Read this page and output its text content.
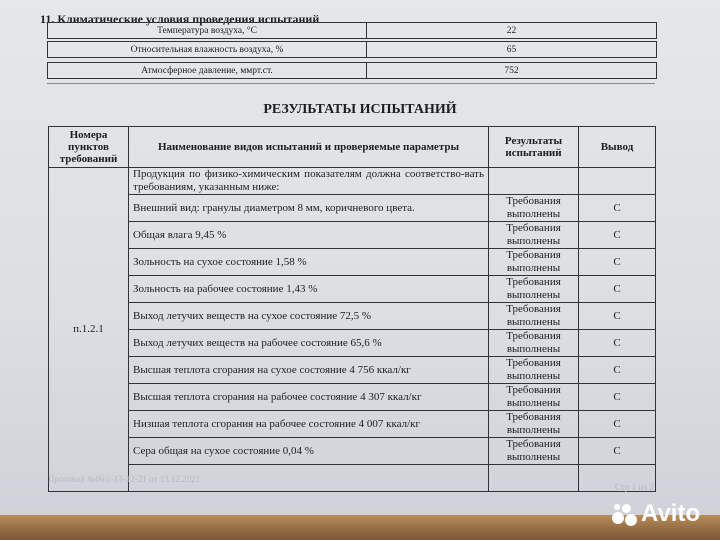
11. Климатические условия проведения испытаний
Температура воздуха, °С	22
Относительная влажность воздуха, %	65
Атмосферное давление, ммрт.ст.	752
РЕЗУЛЬТАТЫ ИСПЫТАНИЙ
Номера пунктов требований	Наименование видов испытаний и проверяемые параметры	Результаты испытаний	Вывод
п.1.2.1	Продукция по физико-химическим показателям должна соответство-вать требованиям, указанным ниже:		
	Внешний вид: гранулы диаметром 8 мм, коричневого цвета.	Требования выполнены	С
	Общая влага 9,45 %	Требования выполнены	С
	Зольность на сухое состояние 1,58 %	Требования выполнены	С
	Зольность на рабочее состояние 1,43 %	Требования выполнены	С
	Выход летучих веществ на сухое состояние 72,5 %	Требования выполнены	С
	Выход летучих веществ на рабочее состояние 65,6 %	Требования выполнены	С
	Высшая теплота сгорания на сухое состояние 4 756 ккал/кг	Требования выполнены	С
	Высшая теплота сгорания на рабочее состояние 4 307 ккал/кг	Требования выполнены	С
	Низшая теплота сгорания на рабочее состояние 4 007 ккал/кг	Требования выполнены	С
	Сера общая на сухое состояние 0,04 %	Требования выполнены	С

Протокол №06/с-13-12-21 от 13.12.2021
Стр 1 из 2
Avito
